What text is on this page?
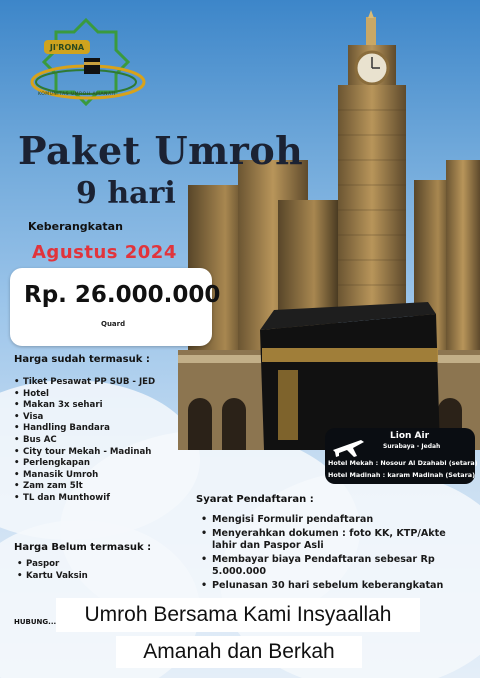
JI'RONA
KOMUNITAS UMROH AMANAH
Paket Umroh
9 hari
Keberangkatan
Agustus 2024
Rp. 26.000.000
Quard
Harga sudah termasuk :
• Tiket Pesawat PP SUB - JED
• Hotel
• Makan 3x sehari
• Visa
• Handling Bandara
• Bus AC
• City tour Mekah - Madinah
• Perlengkapan
• Manasik Umroh
• Zam zam 5lt
• TL dan Munthowif
Harga Belum termasuk :
• Paspor
• Kartu Vaksin
Lion Air
Surabaya - Jedah
Hotel Mekah : Nosour Al Dzahabi (setara)
Hotel Madinah : karam Madinah (Setara)
Syarat Pendaftaran :
• Mengisi Formulir pendaftaran
• Menyerahkan dokumen : foto KK, KTP/Akte lahir dan Paspor Asli
• Membayar biaya Pendaftaran sebesar Rp 5.000.000
• Pelunasan 30 hari sebelum keberangkatan
HUBUNG...	Umroh Bersama Kami Insyaallah
Amanah dan Berkah
